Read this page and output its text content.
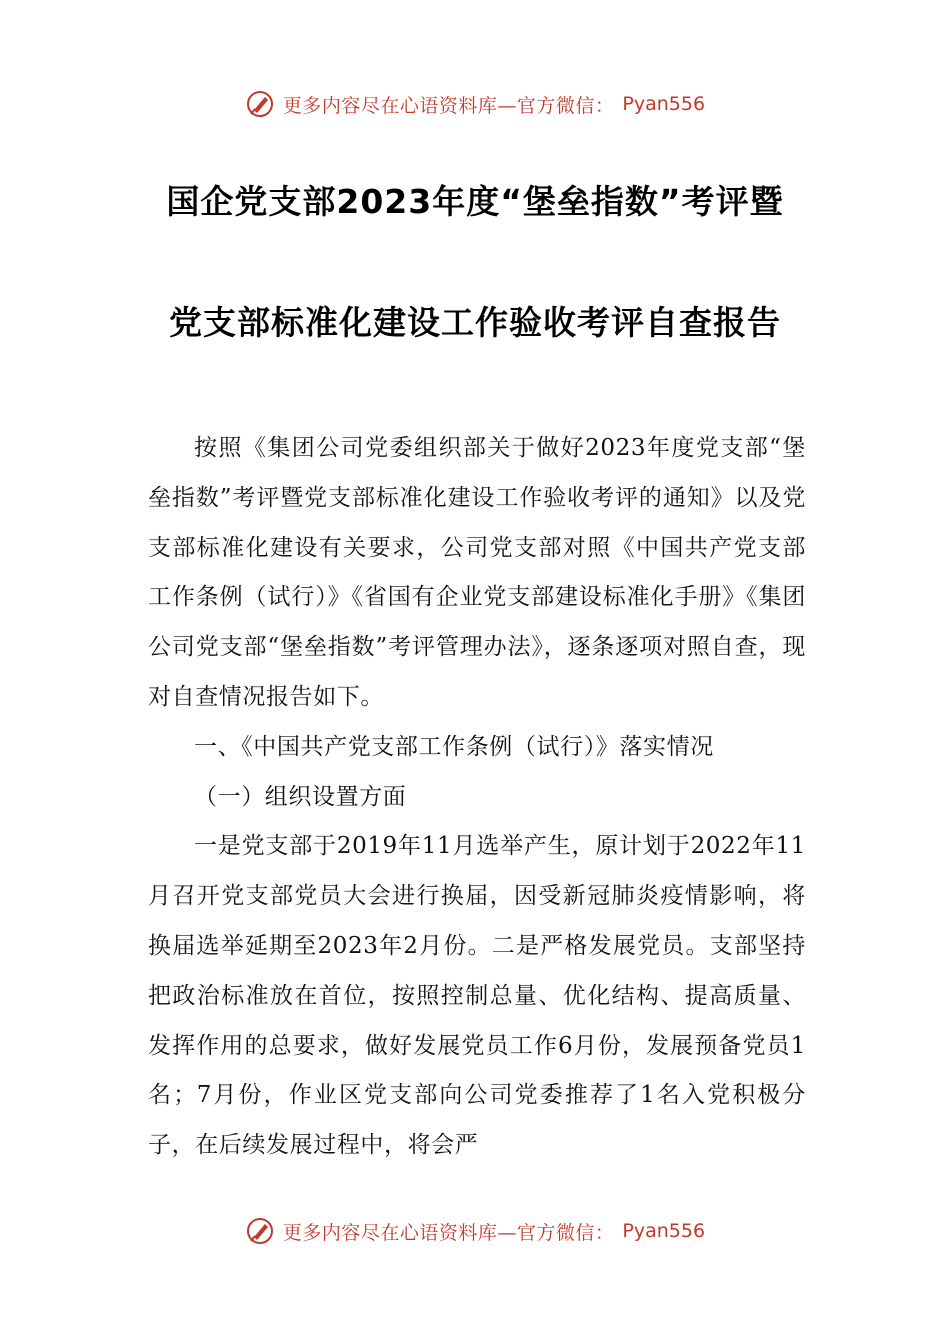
更多内容尽在心语资料库—官方微信： Pyan556
国企党支部2023年度“堡垒指数”考评暨
党支部标准化建设工作验收考评自查报告

按照《集团公司党委组织部关于做好2023年度党支部“堡垒指数”考评暨党支部标准化建设工作验收考评的通知》以及党支部标准化建设有关要求，公司党支部对照《中国共产党支部工作条例（试行）》《省国有企业党支部建设标准化手册》《集团公司党支部“堡垒指数”考评管理办法》，逐条逐项对照自查，现对自查情况报告如下。

一、《中国共产党支部工作条例（试行）》落实情况

（一）组织设置方面

一是党支部于2019年11月选举产生，原计划于2022年11月召开党支部党员大会进行换届，因受新冠肺炎疫情影响，将换届选举延期至2023年2月份。二是严格发展党员。支部坚持把政治标准放在首位，按照控制总量、优化结构、提高质量、发挥作用的总要求，做好发展党员工作6月份，发展预备党员1名；7月份，作业区党支部向公司党委推荐了1名入党积极分子，在后续发展过程中，将会严

更多内容尽在心语资料库—官方微信： Pyan556
